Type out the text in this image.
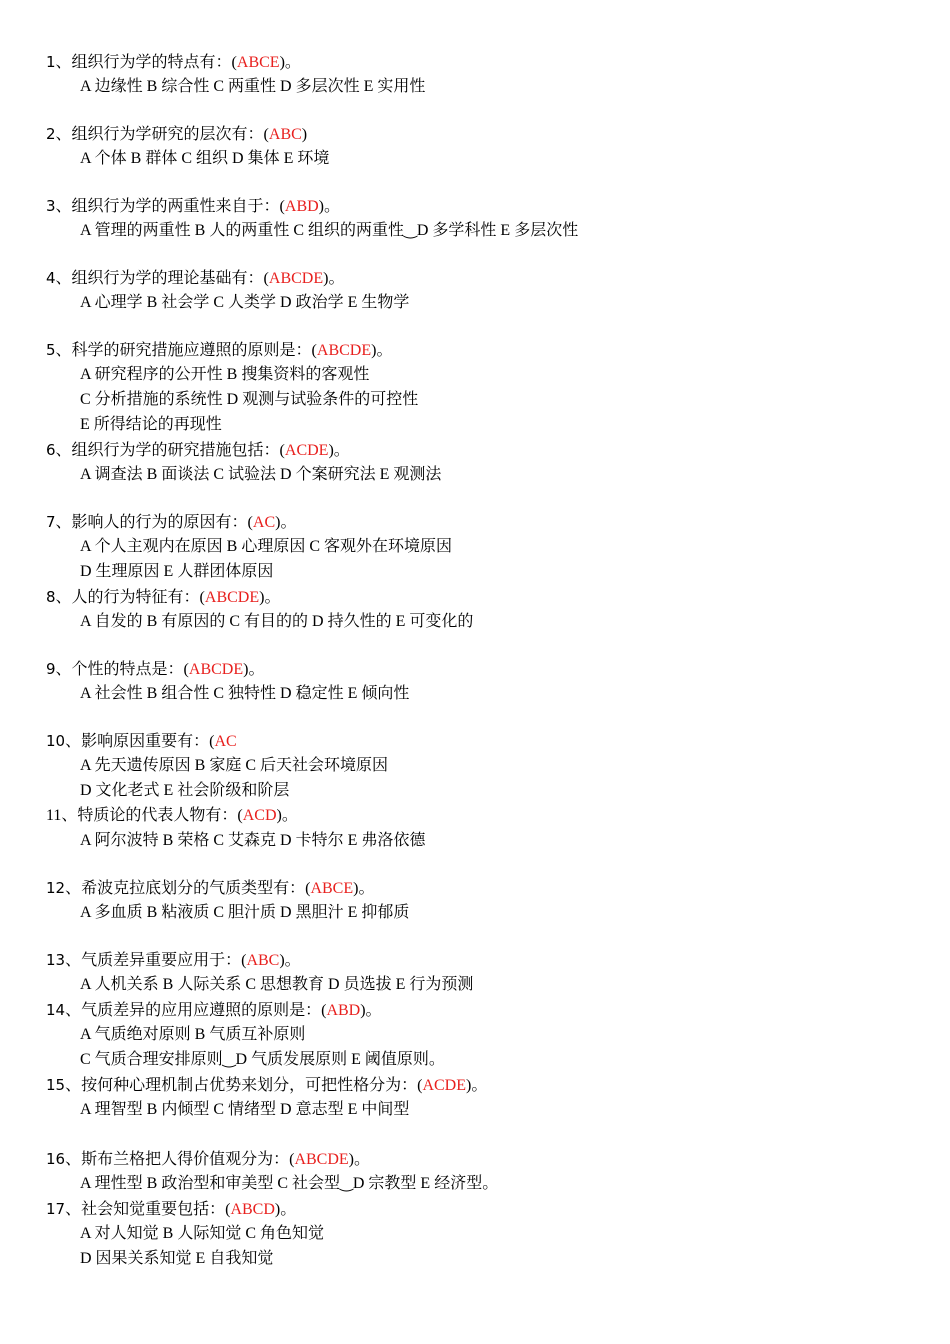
1、组织行为学的特点有：(ABCE)。
A 边缘性 B 综合性 C 两重性 D 多层次性 E 实用性
2、组织行为学研究的层次有：(ABC)
A 个体 B 群体 C 组织 D 集体 E 环境
3、组织行为学的两重性来自于：(ABD)。
A 管理的两重性 B 人的两重性 C 组织的两重性‿D 多学科性 E 多层次性
4、组织行为学的理论基础有：(ABCDE)。
A 心理学 B 社会学 C 人类学 D 政治学 E 生物学
5、科学的研究措施应遵照的原则是：(ABCDE)。
A 研究程序的公开性 B 搜集资料的客观性
C 分析措施的系统性 D 观测与试验条件的可控性
E 所得结论的再现性
6、组织行为学的研究措施包括：(ACDE)。
A 调查法 B 面谈法 C 试验法 D 个案研究法 E 观测法
7、影响人的行为的原因有：(AC)。
A 个人主观内在原因 B 心理原因 C 客观外在环境原因
D 生理原因 E 人群团体原因
8、人的行为特征有：(ABCDE)。
A 自发的 B 有原因的 C 有目的的 D 持久性的 E 可变化的
9、个性的特点是：(ABCDE)。
A 社会性 B 组合性 C 独特性 D 稳定性 E 倾向性
10、影响原因重要有：(AC
A 先天遗传原因 B 家庭 C 后天社会环境原因
D 文化老式 E 社会阶级和阶层
11、特质论的代表人物有：(ACD)。
A 阿尔波特 B 荣格 C 艾森克 D 卡特尔 E 弗洛依德
12、希波克拉底划分的气质类型有：(ABCE)。
A 多血质 B 粘液质 C 胆汁质 D 黑胆汁 E 抑郁质
13、气质差异重要应用于：(ABC)。
A 人机关系 B 人际关系 C 思想教育 D 员选拔 E 行为预测
14、气质差异的应用应遵照的原则是：(ABD)。
A 气质绝对原则 B 气质互补原则
C 气质合理安排原则‿D 气质发展原则 E 阈值原则。
15、按何种心理机制占优势来划分，可把性格分为：(ACDE)。
A 理智型 B 内倾型 C 情绪型 D 意志型 E 中间型
16、斯布兰格把人得价值观分为：(ABCDE)。
A 理性型 B 政治型和审美型 C 社会型‿D 宗教型 E 经济型。
17、社会知觉重要包括：(ABCD)。
A 对人知觉 B 人际知觉 C 角色知觉
D 因果关系知觉 E 自我知觉
